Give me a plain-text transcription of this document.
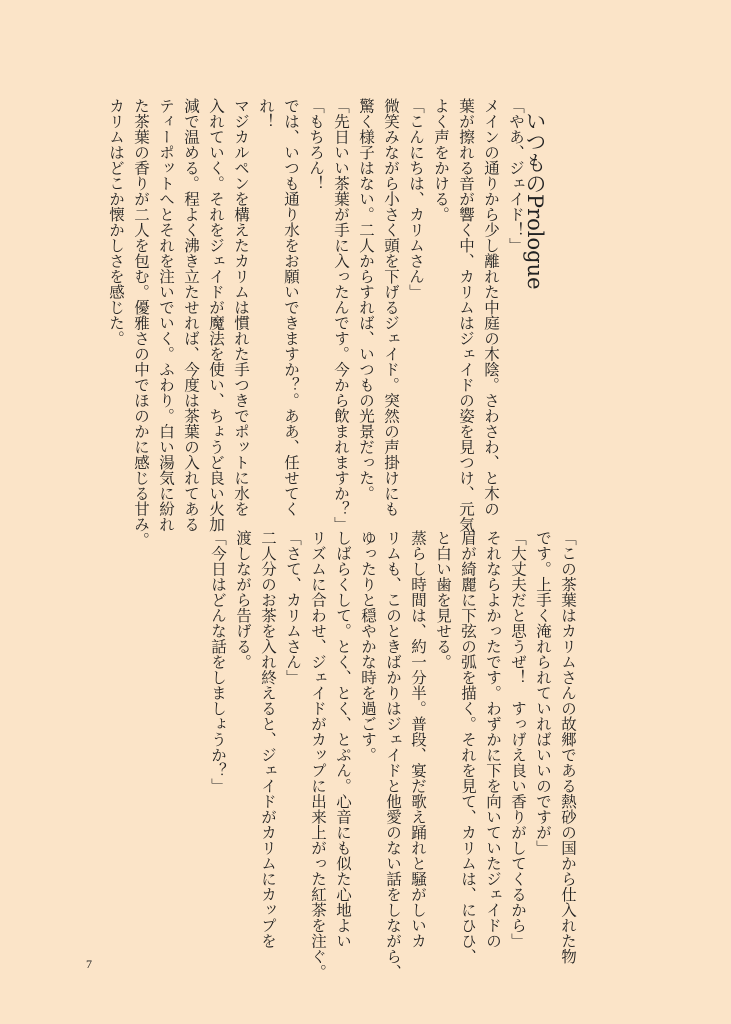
いつものPrologue
「やあ、ジェイド！」
メインの通りから少し離れた中庭の木陰。さわさわ、と木の
葉が擦れる音が響く中、カリムはジェイドの姿を見つけ、元気
よく声をかける。
「こんにちは、カリムさん」
微笑みながら小さく頭を下げるジェイド。突然の声掛けにも
驚く様子はない。二人からすれば、いつもの光景だった。
「先日いい茶葉が手に入ったんです。今から飲まれますか？」
「もちろん！
では、いつも通り水をお願いできますか？。ああ、任せてく
れ！
マジカルペンを構えたカリムは慣れた手つきでポットに水を
入れていく。それをジェイドが魔法を使い、ちょうど良い火加
減で温める。程よく沸き立たせれば、今度は茶葉の入れてある
ティーポットへとそれを注いでいく。ふわり。白い湯気に紛れ
た茶葉の香りが二人を包む。優雅さの中でほのかに感じる甘み。
カリムはどこか懐かしさを感じた。
「この茶葉はカリムさんの故郷である熱砂の国から仕入れた物
です。上手く淹れられていればいいのですが」
「大丈夫だと思うぜ！　すっげえ良い香りがしてくるから」
それならよかったです。わずかに下を向いていたジェイドの
眉が綺麗に下弦の弧を描く。それを見て、カリムは、にひひ、
と白い歯を見せる。
蒸らし時間は、約一分半。普段、宴だ歌え踊れと騒がしいカ
リムも、このときばかりはジェイドと他愛のない話をしながら、
ゆったりと穏やかな時を過ごす。
しばらくして。とく、とく、とぷん。心音にも似た心地よい
リズムに合わせ、ジェイドがカップに出来上がった紅茶を注ぐ。
「さて、カリムさん」
二人分のお茶を入れ終えると、ジェイドがカリムにカップを
渡しながら告げる。
「今日はどんな話をしましょうか？」
7
